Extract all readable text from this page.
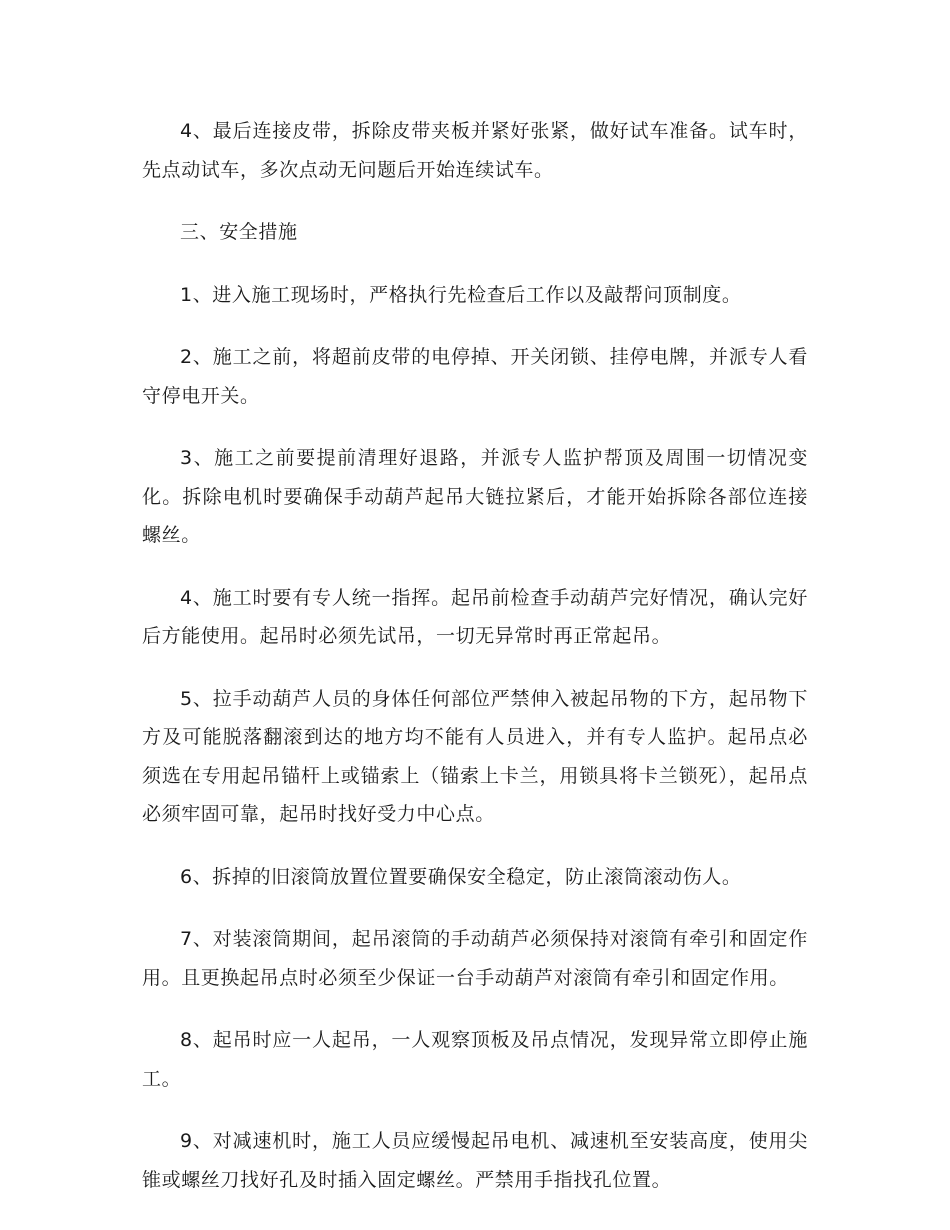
4、最后连接皮带，拆除皮带夹板并紧好张紧，做好试车准备。试车时，先点动试车，多次点动无问题后开始连续试车。

三、安全措施

1、进入施工现场时，严格执行先检查后工作以及敲帮问顶制度。

2、施工之前，将超前皮带的电停掉、开关闭锁、挂停电牌，并派专人看守停电开关。

3、施工之前要提前清理好退路，并派专人监护帮顶及周围一切情况变化。拆除电机时要确保手动葫芦起吊大链拉紧后，才能开始拆除各部位连接螺丝。

4、施工时要有专人统一指挥。起吊前检查手动葫芦完好情况，确认完好后方能使用。起吊时必须先试吊，一切无异常时再正常起吊。

5、拉手动葫芦人员的身体任何部位严禁伸入被起吊物的下方，起吊物下方及可能脱落翻滚到达的地方均不能有人员进入，并有专人监护。起吊点必须选在专用起吊锚杆上或锚索上（锚索上卡兰，用锁具将卡兰锁死），起吊点必须牢固可靠，起吊时找好受力中心点。

6、拆掉的旧滚筒放置位置要确保安全稳定，防止滚筒滚动伤人。

7、对装滚筒期间，起吊滚筒的手动葫芦必须保持对滚筒有牵引和固定作用。且更换起吊点时必须至少保证一台手动葫芦对滚筒有牵引和固定作用。

8、起吊时应一人起吊，一人观察顶板及吊点情况，发现异常立即停止施工。

9、对减速机时，施工人员应缓慢起吊电机、减速机至安装高度，使用尖锥或螺丝刀找好孔及时插入固定螺丝。严禁用手指找孔位置。
